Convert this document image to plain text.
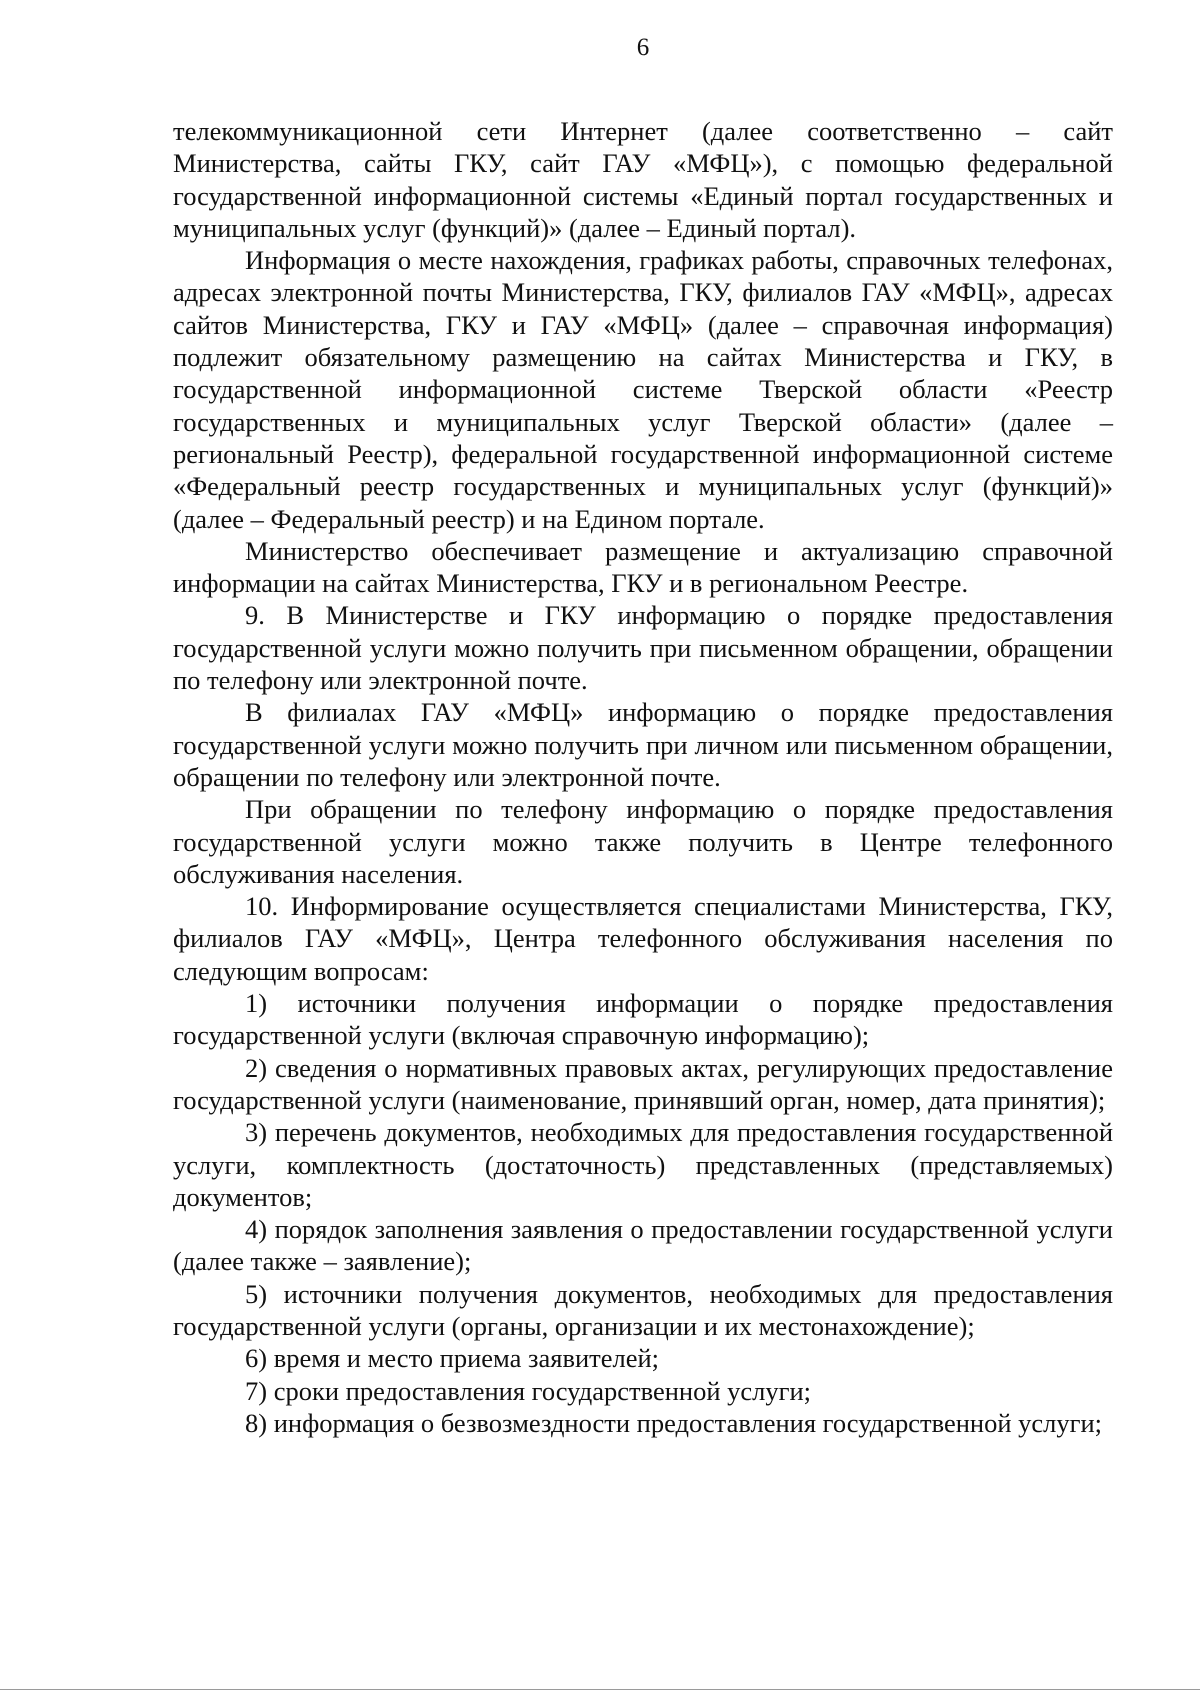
6

телекоммуникационной сети Интернет (далее соответственно – сайт Министерства, сайты ГКУ, сайт ГАУ «МФЦ»), с помощью федеральной государственной информационной системы «Единый портал государственных и муниципальных услуг (функций)» (далее – Единый портал).

Информация о месте нахождения, графиках работы, справочных телефонах, адресах электронной почты Министерства, ГКУ, филиалов ГАУ «МФЦ», адресах сайтов Министерства, ГКУ и ГАУ «МФЦ» (далее – справочная информация) подлежит обязательному размещению на сайтах Министерства и ГКУ, в государственной информационной системе Тверской области «Реестр государственных и муниципальных услуг Тверской области» (далее – региональный Реестр), федеральной государственной информационной системе «Федеральный реестр государственных и муниципальных услуг (функций)» (далее – Федеральный реестр) и на Едином портале.

Министерство обеспечивает размещение и актуализацию справочной информации на сайтах Министерства, ГКУ и в региональном Реестре.

9. В Министерстве и ГКУ информацию о порядке предоставления государственной услуги можно получить при письменном обращении, обращении по телефону или электронной почте.

В филиалах ГАУ «МФЦ» информацию о порядке предоставления государственной услуги можно получить при личном или письменном обращении, обращении по телефону или электронной почте.

При обращении по телефону информацию о порядке предоставления государственной услуги можно также получить в Центре телефонного обслуживания населения.

10. Информирование осуществляется специалистами Министерства, ГКУ, филиалов ГАУ «МФЦ», Центра телефонного обслуживания населения по следующим вопросам:

1) источники получения информации о порядке предоставления государственной услуги (включая справочную информацию);

2) сведения о нормативных правовых актах, регулирующих предоставление государственной услуги (наименование, принявший орган, номер, дата принятия);

3) перечень документов, необходимых для предоставления государственной услуги, комплектность (достаточность) представленных (представляемых) документов;

4) порядок заполнения заявления о предоставлении государственной услуги (далее также – заявление);

5) источники получения документов, необходимых для предоставления государственной услуги (органы, организации и их местонахождение);

6) время и место приема заявителей;

7) сроки предоставления государственной услуги;

8) информация о безвозмездности предоставления государственной услуги;
